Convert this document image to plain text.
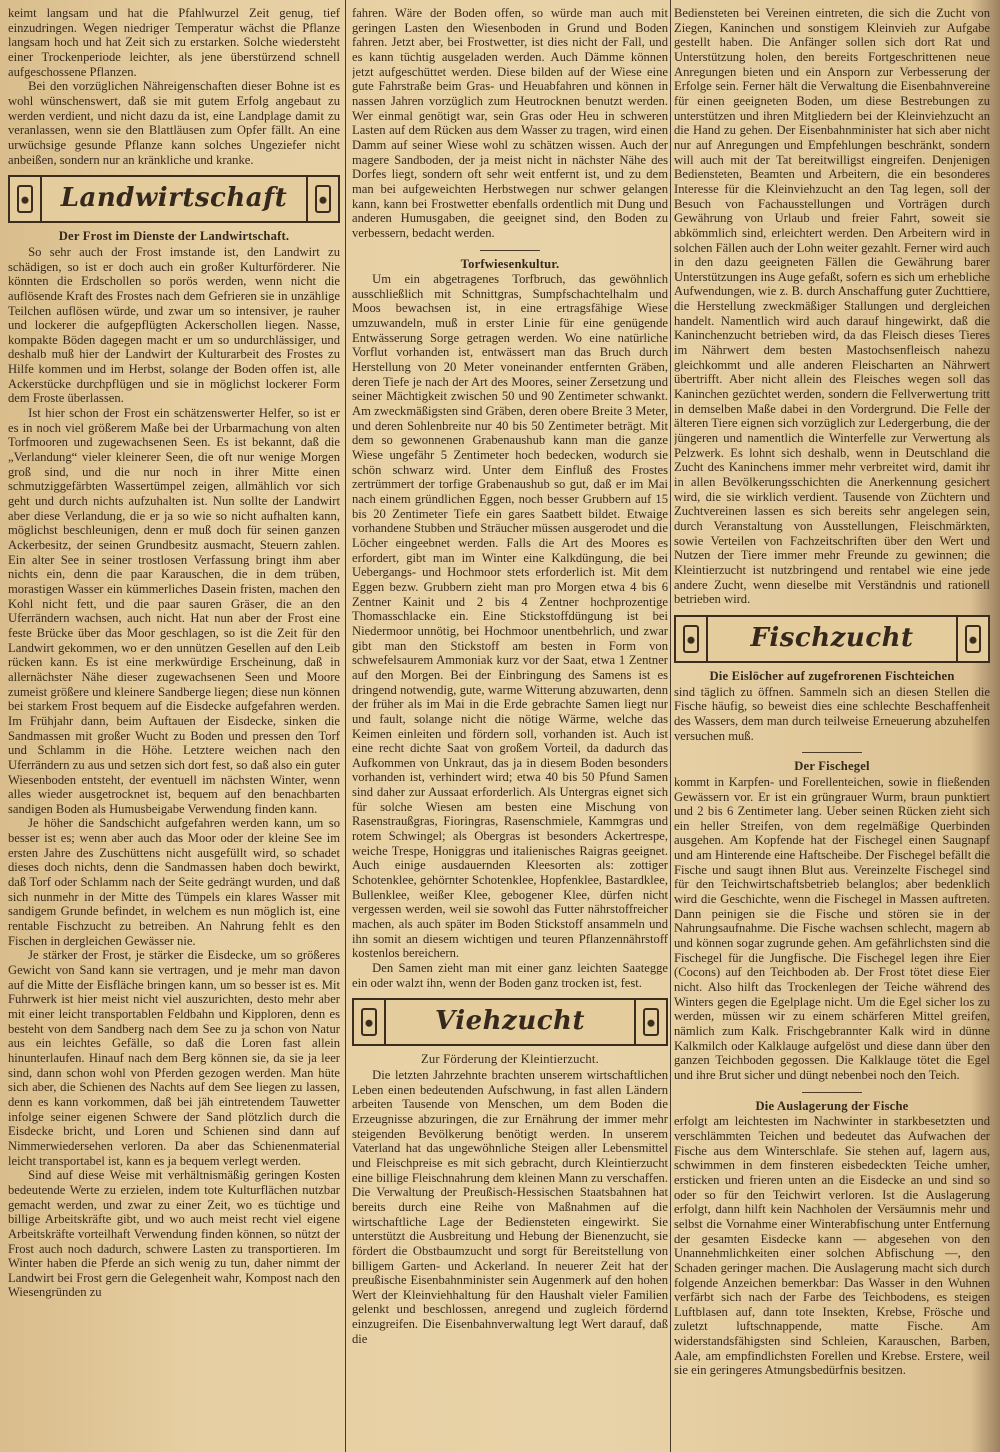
keimt langsam und hat die Pfahlwurzel Zeit genug, tief einzudringen. Wegen niedriger Temperatur wächst die Pflanze langsam hoch und hat Zeit sich zu erstarken. Solche wiedersteht einer Trockenperiode leichter, als jene überstürzend schnell aufgeschossene Pflanzen.

Bei den vorzüglichen Nähreigenschaften dieser Bohne ist es wohl wünschenswert, daß sie mit gutem Erfolg angebaut zu werden verdient, und nicht dazu da ist, eine Landplage damit zu veranlassen, wenn sie den Blattläusen zum Opfer fällt. An eine urwüchsige gesunde Pflanze kann solches Ungeziefer nicht anbeißen, sondern nur an kränkliche und kranke.

Landwirtschaft
Der Frost im Dienste der Landwirtschaft.

So sehr auch der Frost imstande ist, den Landwirt zu schädigen, so ist er doch auch ein großer Kulturförderer. Nie könnten die Erdschollen so porös werden, wenn nicht die auflösende Kraft des Frostes nach dem Gefrieren sie in unzählige Teilchen auflösen würde, und zwar um so intensiver, je rauher und lockerer die aufgepflügten Ackerschollen liegen. Nasse, kompakte Böden dagegen macht er um so undurchlässiger, und deshalb muß hier der Landwirt der Kulturarbeit des Frostes zu Hilfe kommen und im Herbst, solange der Boden offen ist, alle Ackerstücke durchpflügen und sie in möglichst lockerer Form dem Froste überlassen.

Ist hier schon der Frost ein schätzenswerter Helfer, so ist er es in noch viel größerem Maße bei der Urbarmachung von alten Torfmooren und zugewachsenen Seen. Es ist bekannt, daß die „Verlandung“ vieler kleinerer Seen, die oft nur wenige Morgen groß sind, und die nur noch in ihrer Mitte einen schmutziggefärbten Wassertümpel zeigen, allmählich vor sich geht und durch nichts aufzuhalten ist. Nun sollte der Landwirt aber diese Verlandung, die er ja so wie so nicht aufhalten kann, möglichst beschleunigen, denn er muß doch für seinen ganzen Ackerbesitz, der seinen Grundbesitz ausmacht, Steuern zahlen. Ein alter See in seiner trostlosen Verfassung bringt ihm aber nichts ein, denn die paar Karauschen, die in dem trüben, morastigen Wasser ein kümmerliches Dasein fristen, machen den Kohl nicht fett, und die paar sauren Gräser, die an den Uferrändern wachsen, auch nicht. Hat nun aber der Frost eine feste Brücke über das Moor geschlagen, so ist die Zeit für den Landwirt gekommen, wo er den unnützen Gesellen auf den Leib rücken kann. Es ist eine merkwürdige Erscheinung, daß in allernächster Nähe dieser zugewachsenen Seen und Moore zumeist größere und kleinere Sandberge liegen; diese nun können bei starkem Frost bequem auf die Eisdecke aufgefahren werden. Im Frühjahr dann, beim Auftauen der Eisdecke, sinken die Sandmassen mit großer Wucht zu Boden und pressen den Torf und Schlamm in die Höhe. Letztere weichen nach den Uferrändern zu aus und setzen sich dort fest, so daß also ein guter Wiesenboden entsteht, der eventuell im nächsten Winter, wenn alles wieder ausgetrocknet ist, bequem auf den benachbarten sandigen Boden als Humusbeigabe Verwendung finden kann.

Je höher die Sandschicht aufgefahren werden kann, um so besser ist es; wenn aber auch das Moor oder der kleine See im ersten Jahre des Zuschüttens nicht ausgefüllt wird, so schadet dieses doch nichts, denn die Sandmassen haben doch bewirkt, daß Torf oder Schlamm nach der Seite gedrängt wurden, und daß sich nunmehr in der Mitte des Tümpels ein klares Wasser mit sandigem Grunde befindet, in welchem es nun möglich ist, eine rentable Fischzucht zu betreiben. An Nahrung fehlt es den Fischen in dergleichen Gewässer nie.

Je stärker der Frost, je stärker die Eisdecke, um so größeres Gewicht von Sand kann sie vertragen, und je mehr man davon auf die Mitte der Eisfläche bringen kann, um so besser ist es. Mit Fuhrwerk ist hier meist nicht viel auszurichten, desto mehr aber mit einer leicht transportablen Feldbahn und Kipploren, denn es besteht von dem Sandberg nach dem See zu ja schon von Natur aus ein leichtes Gefälle, so daß die Loren fast allein hinunterlaufen. Hinauf nach dem Berg können sie, da sie ja leer sind, dann schon wohl von Pferden gezogen werden. Man hüte sich aber, die Schienen des Nachts auf dem See liegen zu lassen, denn es kann vorkommen, daß bei jäh eintretendem Tauwetter infolge seiner eigenen Schwere der Sand plötzlich durch die Eisdecke bricht, und Loren und Schienen sind dann auf Nimmerwiedersehen verloren. Da aber das Schienenmaterial leicht transportabel ist, kann es ja bequem verlegt werden.

Sind auf diese Weise mit verhältnismäßig geringen Kosten bedeutende Werte zu erzielen, indem tote Kulturflächen nutzbar gemacht werden, und zwar zu einer Zeit, wo es tüchtige und billige Arbeitskräfte gibt, und wo auch meist recht viel eigene Arbeitskräfte vorteilhaft Verwendung finden können, so nützt der Frost auch noch dadurch, schwere Lasten zu transportieren. Im Winter haben die Pferde an sich wenig zu tun, daher nimmt der Landwirt bei Frost gern die Gelegenheit wahr, Kompost nach den Wiesengründen zu

fahren. Wäre der Boden offen, so würde man auch mit geringen Lasten den Wiesenboden in Grund und Boden fahren. Jetzt aber, bei Frostwetter, ist dies nicht der Fall, und es kann tüchtig ausgeladen werden. Auch Dämme können jetzt aufgeschüttet werden. Diese bilden auf der Wiese eine gute Fahrstraße beim Gras- und Heuabfahren und können in nassen Jahren vorzüglich zum Heutrocknen benutzt werden. Wer einmal genötigt war, sein Gras oder Heu in schweren Lasten auf dem Rücken aus dem Wasser zu tragen, wird einen Damm auf seiner Wiese wohl zu schätzen wissen. Auch der magere Sandboden, der ja meist nicht in nächster Nähe des Dorfes liegt, sondern oft sehr weit entfernt ist, und zu dem man bei aufgeweichten Herbstwegen nur schwer gelangen kann, kann bei Frostwetter ebenfalls ordentlich mit Dung und anderen Humusgaben, die geeignet sind, den Boden zu verbessern, bedacht werden.

Torfwiesenkultur.

Um ein abgetragenes Torfbruch, das gewöhnlich ausschließlich mit Schnittgras, Sumpfschachtelhalm und Moos bewachsen ist, in eine ertragsfähige Wiese umzuwandeln, muß in erster Linie für eine genügende Entwässerung Sorge getragen werden. Wo eine natürliche Vorflut vorhanden ist, entwässert man das Bruch durch Herstellung von 20 Meter voneinander entfernten Gräben, deren Tiefe je nach der Art des Moores, seiner Zersetzung und seiner Mächtigkeit zwischen 50 und 90 Zentimeter schwankt. Am zweckmäßigsten sind Gräben, deren obere Breite 3 Meter, und deren Sohlenbreite nur 40 bis 50 Zentimeter beträgt. Mit dem so gewonnenen Grabenaushub kann man die ganze Wiese ungefähr 5 Zentimeter hoch bedecken, wodurch sie schön schwarz wird. Unter dem Einfluß des Frostes zertrümmert der torfige Grabenaushub so gut, daß er im Mai nach einem gründlichen Eggen, noch besser Grubbern auf 15 bis 20 Zentimeter Tiefe ein gares Saatbett bildet. Etwaige vorhandene Stubben und Sträucher müssen ausgerodet und die Löcher eingeebnet werden. Falls die Art des Moores es erfordert, gibt man im Winter eine Kalkdüngung, die bei Uebergangs- und Hochmoor stets erforderlich ist. Mit dem Eggen bezw. Grubbern zieht man pro Morgen etwa 4 bis 6 Zentner Kainit und 2 bis 4 Zentner hochprozentige Thomasschlacke ein. Eine Stickstoffdüngung ist bei Niedermoor unnötig, bei Hochmoor unentbehrlich, und zwar gibt man den Stickstoff am besten in Form von schwefelsaurem Ammoniak kurz vor der Saat, etwa 1 Zentner auf den Morgen. Bei der Einbringung des Samens ist es dringend notwendig, gute, warme Witterung abzuwarten, denn der früher als im Mai in die Erde gebrachte Samen liegt nur und fault, solange nicht die nötige Wärme, welche das Keimen einleiten und fördern soll, vorhanden ist. Auch ist eine recht dichte Saat von großem Vorteil, da dadurch das Aufkommen von Unkraut, das ja in diesem Boden besonders vorhanden ist, verhindert wird; etwa 40 bis 50 Pfund Samen sind daher zur Aussaat erforderlich. Als Untergras eignet sich für solche Wiesen am besten eine Mischung von Rasenstraußgras, Fioringras, Rasenschmiele, Kammgras und rotem Schwingel; als Obergras ist besonders Ackertrespe, weiche Trespe, Honiggras und italienisches Raigras geeignet. Auch einige ausdauernden Kleesorten als: zottiger Schotenklee, gehörnter Schotenklee, Hopfenklee, Bastardklee, Bullenklee, weißer Klee, gebogener Klee, dürfen nicht vergessen werden, weil sie sowohl das Futter nährstoffreicher machen, als auch später im Boden Stickstoff ansammeln und ihn somit an diesem wichtigen und teuren Pflanzennährstoff kostenlos bereichern.

Den Samen zieht man mit einer ganz leichten Saategge ein oder walzt ihn, wenn der Boden ganz trocken ist, fest.

Viehzucht
Zur Förderung der Kleintierzucht.

Die letzten Jahrzehnte brachten unserem wirtschaftlichen Leben einen bedeutenden Aufschwung, in fast allen Ländern arbeiten Tausende von Menschen, um dem Boden die Erzeugnisse abzuringen, die zur Ernährung der immer mehr steigenden Bevölkerung benötigt werden. In unserem Vaterland hat das ungewöhnliche Steigen aller Lebensmittel und Fleischpreise es mit sich gebracht, durch Kleintierzucht eine billige Fleischnahrung dem kleinen Mann zu verschaffen. Die Verwaltung der Preußisch-Hessischen Staatsbahnen hat bereits durch eine Reihe von Maßnahmen auf die wirtschaftliche Lage der Bediensteten eingewirkt. Sie unterstützt die Ausbreitung und Hebung der Bienenzucht, sie fördert die Obstbaumzucht und sorgt für Bereitstellung von billigem Garten- und Ackerland. In neuerer Zeit hat der preußische Eisenbahnminister sein Augenmerk auf den hohen Wert der Kleinviehhaltung für den Haushalt vieler Familien gelenkt und beschlossen, anregend und zugleich fördernd einzugreifen. Die Eisenbahnverwaltung legt Wert darauf, daß die

Bediensteten bei Vereinen eintreten, die sich die Zucht von Ziegen, Kaninchen und sonstigem Kleinvieh zur Aufgabe gestellt haben. Die Anfänger sollen sich dort Rat und Unterstützung holen, den bereits Fortgeschrittenen neue Anregungen bieten und ein Ansporn zur Verbesserung der Erfolge sein. Ferner hält die Verwaltung die Eisenbahnvereine für einen geeigneten Boden, um diese Bestrebungen zu unterstützen und ihren Mitgliedern bei der Kleinviehzucht an die Hand zu gehen. Der Eisenbahnminister hat sich aber nicht nur auf Anregungen und Empfehlungen beschränkt, sondern will auch mit der Tat bereitwilligst eingreifen. Denjenigen Bediensteten, Beamten und Arbeitern, die ein besonderes Interesse für die Kleinviehzucht an den Tag legen, soll der Besuch von Fachausstellungen und Vorträgen durch Gewährung von Urlaub und freier Fahrt, soweit sie abkömmlich sind, erleichtert werden. Den Arbeitern wird in solchen Fällen auch der Lohn weiter gezahlt. Ferner wird auch in den dazu geeigneten Fällen die Gewährung barer Unterstützungen ins Auge gefaßt, sofern es sich um erhebliche Aufwendungen, wie z. B. durch Anschaffung guter Zuchttiere, die Herstellung zweckmäßiger Stallungen und dergleichen handelt. Namentlich wird auch darauf hingewirkt, daß die Kaninchenzucht betrieben wird, da das Fleisch dieses Tieres im Nährwert dem besten Mastochsenfleisch nahezu gleichkommt und alle anderen Fleischarten an Nährwert übertrifft. Aber nicht allein des Fleisches wegen soll das Kaninchen gezüchtet werden, sondern die Fellverwertung tritt in demselben Maße dabei in den Vordergrund. Die Felle der älteren Tiere eignen sich vorzüglich zur Ledergerbung, die der jüngeren und namentlich die Winterfelle zur Verwertung als Pelzwerk. Es lohnt sich deshalb, wenn in Deutschland die Zucht des Kaninchens immer mehr verbreitet wird, damit ihr in allen Bevölkerungsschichten die Anerkennung gesichert wird, die sie wirklich verdient. Tausende von Züchtern und Zuchtvereinen lassen es sich bereits sehr angelegen sein, durch Veranstaltung von Ausstellungen, Fleischmärkten, sowie Verteilen von Fachzeitschriften über den Wert und Nutzen der Tiere immer mehr Freunde zu gewinnen; die Kleintierzucht ist nutzbringend und rentabel wie eine jede andere Zucht, wenn dieselbe mit Verständnis und rationell betrieben wird.

Fischzucht
Die Eislöcher auf zugefrorenen Fischteichen

sind täglich zu öffnen. Sammeln sich an diesen Stellen die Fische häufig, so beweist dies eine schlechte Beschaffenheit des Wassers, dem man durch teilweise Erneuerung abzuhelfen versuchen muß.

Der Fischegel

kommt in Karpfen- und Forellenteichen, sowie in fließenden Gewässern vor. Er ist ein grüngrauer Wurm, braun punktiert und 2 bis 6 Zentimeter lang. Ueber seinen Rücken zieht sich ein heller Streifen, von dem regelmäßige Querbinden ausgehen. Am Kopfende hat der Fischegel einen Saugnapf und am Hinterende eine Haftscheibe. Der Fischegel befällt die Fische und saugt ihnen Blut aus. Vereinzelte Fischegel sind für den Teichwirtschaftsbetrieb belanglos; aber bedenklich wird die Geschichte, wenn die Fischegel in Massen auftreten. Dann peinigen sie die Fische und stören sie in der Nahrungsaufnahme. Die Fische wachsen schlecht, magern ab und können sogar zugrunde gehen. Am gefährlichsten sind die Fischegel für die Jungfische. Die Fischegel legen ihre Eier (Cocons) auf den Teichboden ab. Der Frost tötet diese Eier nicht. Also hilft das Trockenlegen der Teiche während des Winters gegen die Egelplage nicht. Um die Egel sicher los zu werden, müssen wir zu einem schärferen Mittel greifen, nämlich zum Kalk. Frischgebrannter Kalk wird in dünne Kalkmilch oder Kalklauge aufgelöst und diese dann über den ganzen Teichboden gegossen. Die Kalklauge tötet die Egel und ihre Brut sicher und düngt nebenbei noch den Teich.

Die Auslagerung der Fische

erfolgt am leichtesten im Nachwinter in starkbesetzten und verschlämmten Teichen und bedeutet das Aufwachen der Fische aus dem Winterschlafe. Sie stehen auf, lagern aus, schwimmen in dem finsteren eisbedeckten Teiche umher, ersticken und frieren unten an die Eisdecke an und sind so oder so für den Teichwirt verloren. Ist die Auslagerung erfolgt, dann hilft kein Nachholen der Versäumnis mehr und selbst die Vornahme einer Winterabfischung unter Entfernung der gesamten Eisdecke kann — abgesehen von den Unannehmlichkeiten einer solchen Abfischung —, den Schaden geringer machen. Die Auslagerung macht sich durch folgende Anzeichen bemerkbar: Das Wasser in den Wuhnen verfärbt sich nach der Farbe des Teichbodens, es steigen Luftblasen auf, dann tote Insekten, Krebse, Frösche und zuletzt luftschnappende, matte Fische. Am widerstandsfähigsten sind Schleien, Karauschen, Barben, Aale, am empfindlichsten Forellen und Krebse. Erstere, weil sie ein geringeres Atmungsbedürfnis besitzen.
